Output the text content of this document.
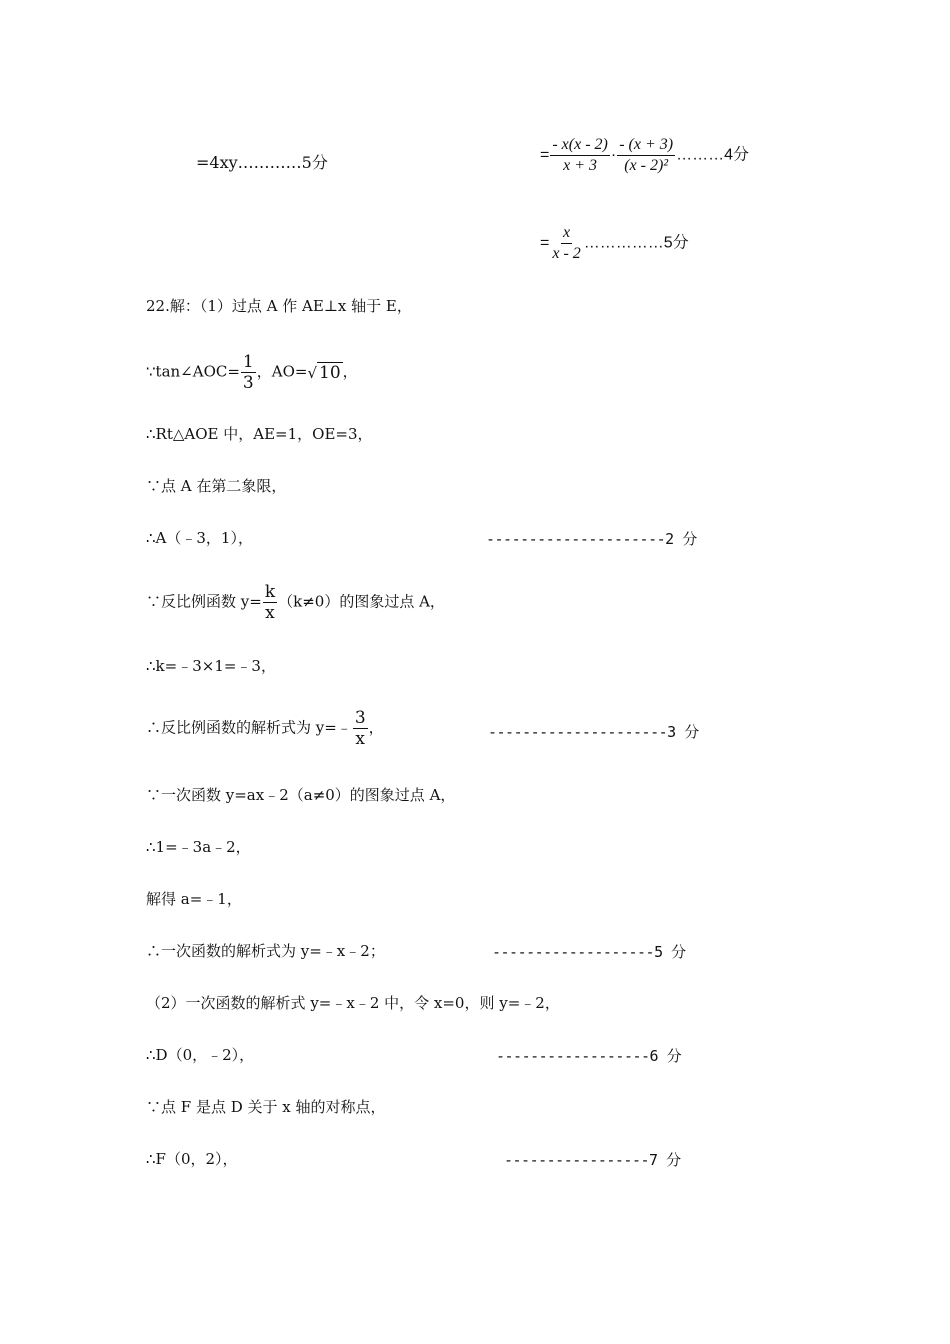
=4xy…………5分	= $\frac{- x(x - 2)}{x + 3} \cdot \frac{- (x + 3)}{\text{(x - 2)²}}$ ………4分
= $\frac{x}{x - 2}$ ……………5分
22.解：（1）过点 A 作 AE⊥x 轴于 E，
∵tan∠AOC= $\frac{1}{3}$ ，AO=√ 10 ，
∴Rt△AOE 中，AE=1，OE=3，
∵点 A 在第二象限，
∴A（﹣3，1），	---------------------2 分
∵反比例函数 $y= \frac{k}{x} (k\ne 0)$的图象过点 A，
∴k=﹣3×1=﹣3，
∴反比例函数的解析式为 y=﹣ $\frac{3}{x}$ ，	---------------------3 分
∵一次函数 y=ax﹣2（a≠0）的图象过点 A，
∴1=﹣3a﹣2，
解得 a=﹣1，
∴一次函数的解析式为 y=﹣x﹣2；	-------------------5 分
（2）一次函数的解析式 y=﹣x﹣2 中，令 x=0，则 y=﹣2，
∴D（0，﹣2），	------------------6 分
∵点 F 是点 D 关于 x 轴的对称点，
∴F（0，2），	-----------------7 分
